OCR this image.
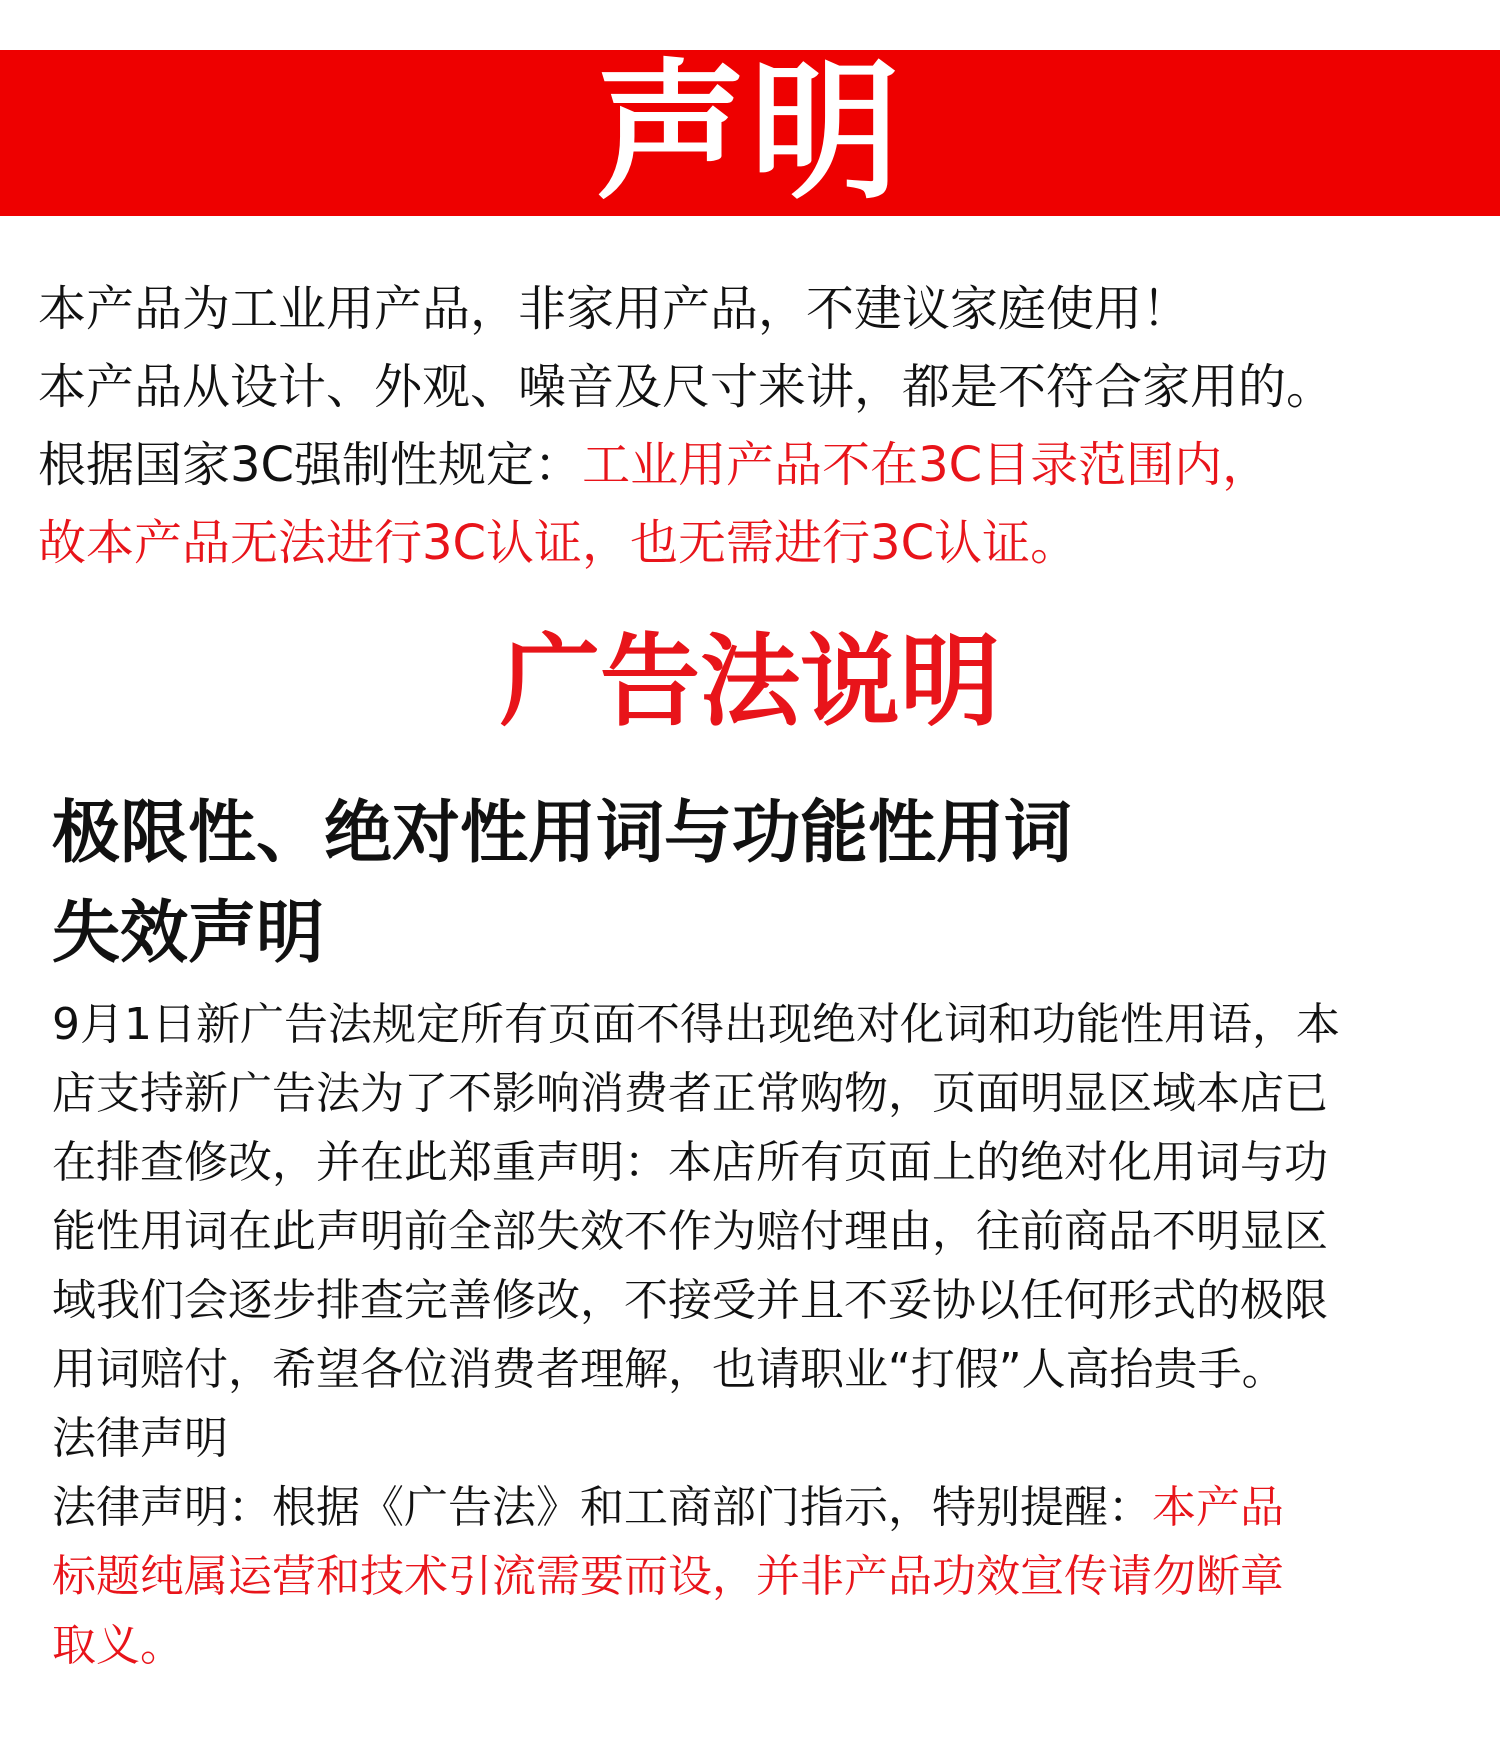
声明
本产品为工业用产品，非家用产品，不建议家庭使用！
本产品从设计、外观、噪音及尺寸来讲，都是不符合家用的。
根据国家3C强制性规定：工业用产品不在3C目录范围内，
故本产品无法进行3C认证，也无需进行3C认证。
广告法说明
极限性、绝对性用词与功能性用词
失效声明
9月1日新广告法规定所有页面不得出现绝对化词和功能性用语，本
店支持新广告法为了不影响消费者正常购物，页面明显区域本店已
在排查修改，并在此郑重声明：本店所有页面上的绝对化用词与功
能性用词在此声明前全部失效不作为赔付理由，往前商品不明显区
域我们会逐步排查完善修改，不接受并且不妥协以任何形式的极限
用词赔付，希望各位消费者理解，也请职业“打假”人高抬贵手。
法律声明
法律声明：根据《广告法》和工商部门指示，特别提醒：本产品
标题纯属运营和技术引流需要而设，并非产品功效宣传请勿断章
取义。
